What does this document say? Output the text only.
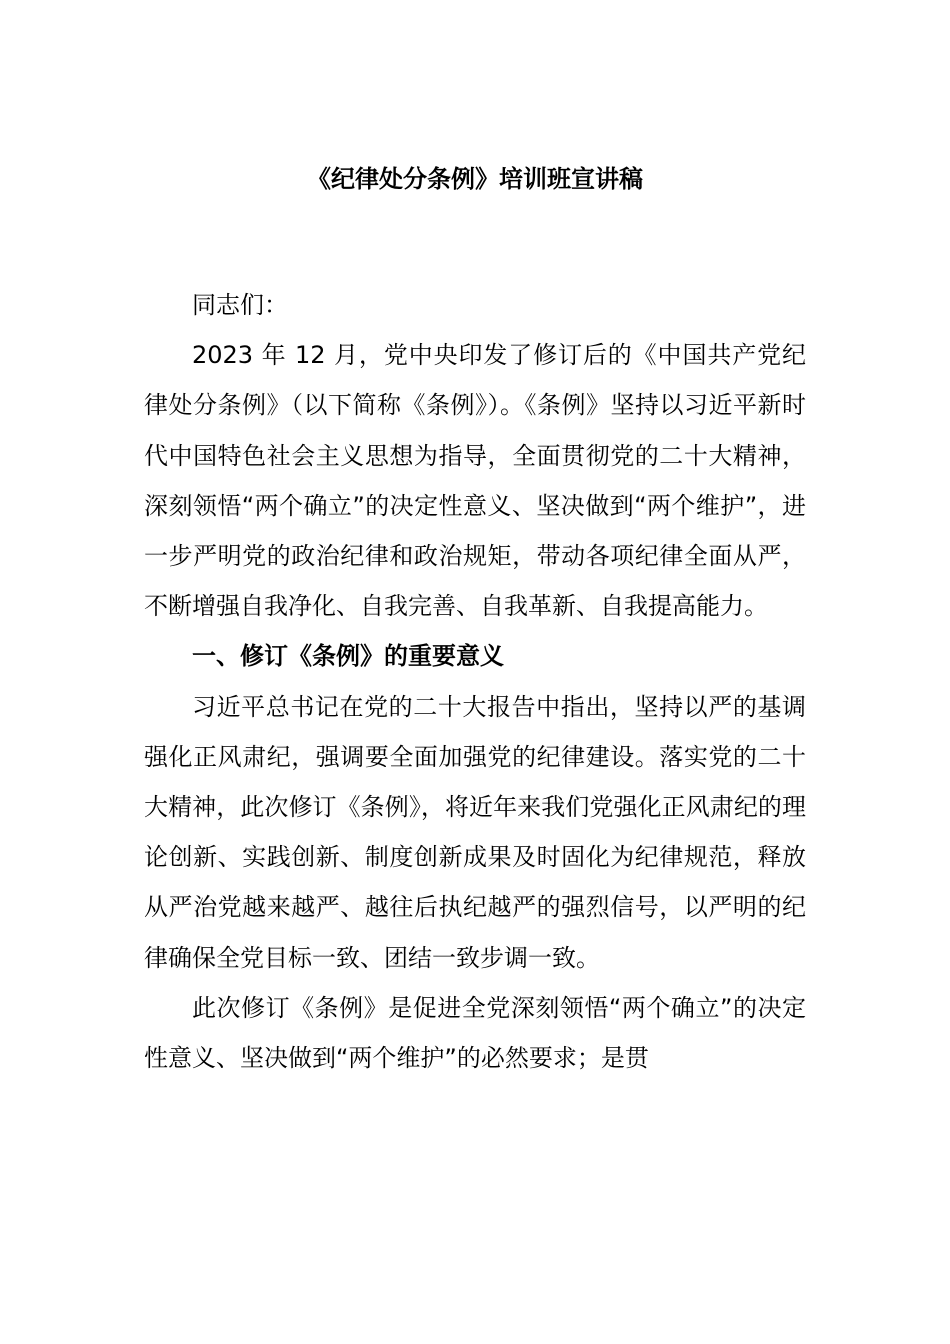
《纪律处分条例》培训班宣讲稿

同志们：

2023 年 12 月，党中央印发了修订后的《中国共产党纪律处分条例》（以下简称《条例》）。《条例》坚持以习近平新时代中国特色社会主义思想为指导，全面贯彻党的二十大精神，深刻领悟“两个确立”的决定性意义、坚决做到“两个维护”，进一步严明党的政治纪律和政治规矩，带动各项纪律全面从严，不断增强自我净化、自我完善、自我革新、自我提高能力。

一、修订《条例》的重要意义

习近平总书记在党的二十大报告中指出，坚持以严的基调强化正风肃纪，强调要全面加强党的纪律建设。落实党的二十大精神，此次修订《条例》，将近年来我们党强化正风肃纪的理论创新、实践创新、制度创新成果及时固化为纪律规范，释放从严治党越来越严、越往后执纪越严的强烈信号，以严明的纪律确保全党目标一致、团结一致步调一致。

此次修订《条例》是促进全党深刻领悟“两个确立”的决定性意义、坚决做到“两个维护”的必然要求；是贯
